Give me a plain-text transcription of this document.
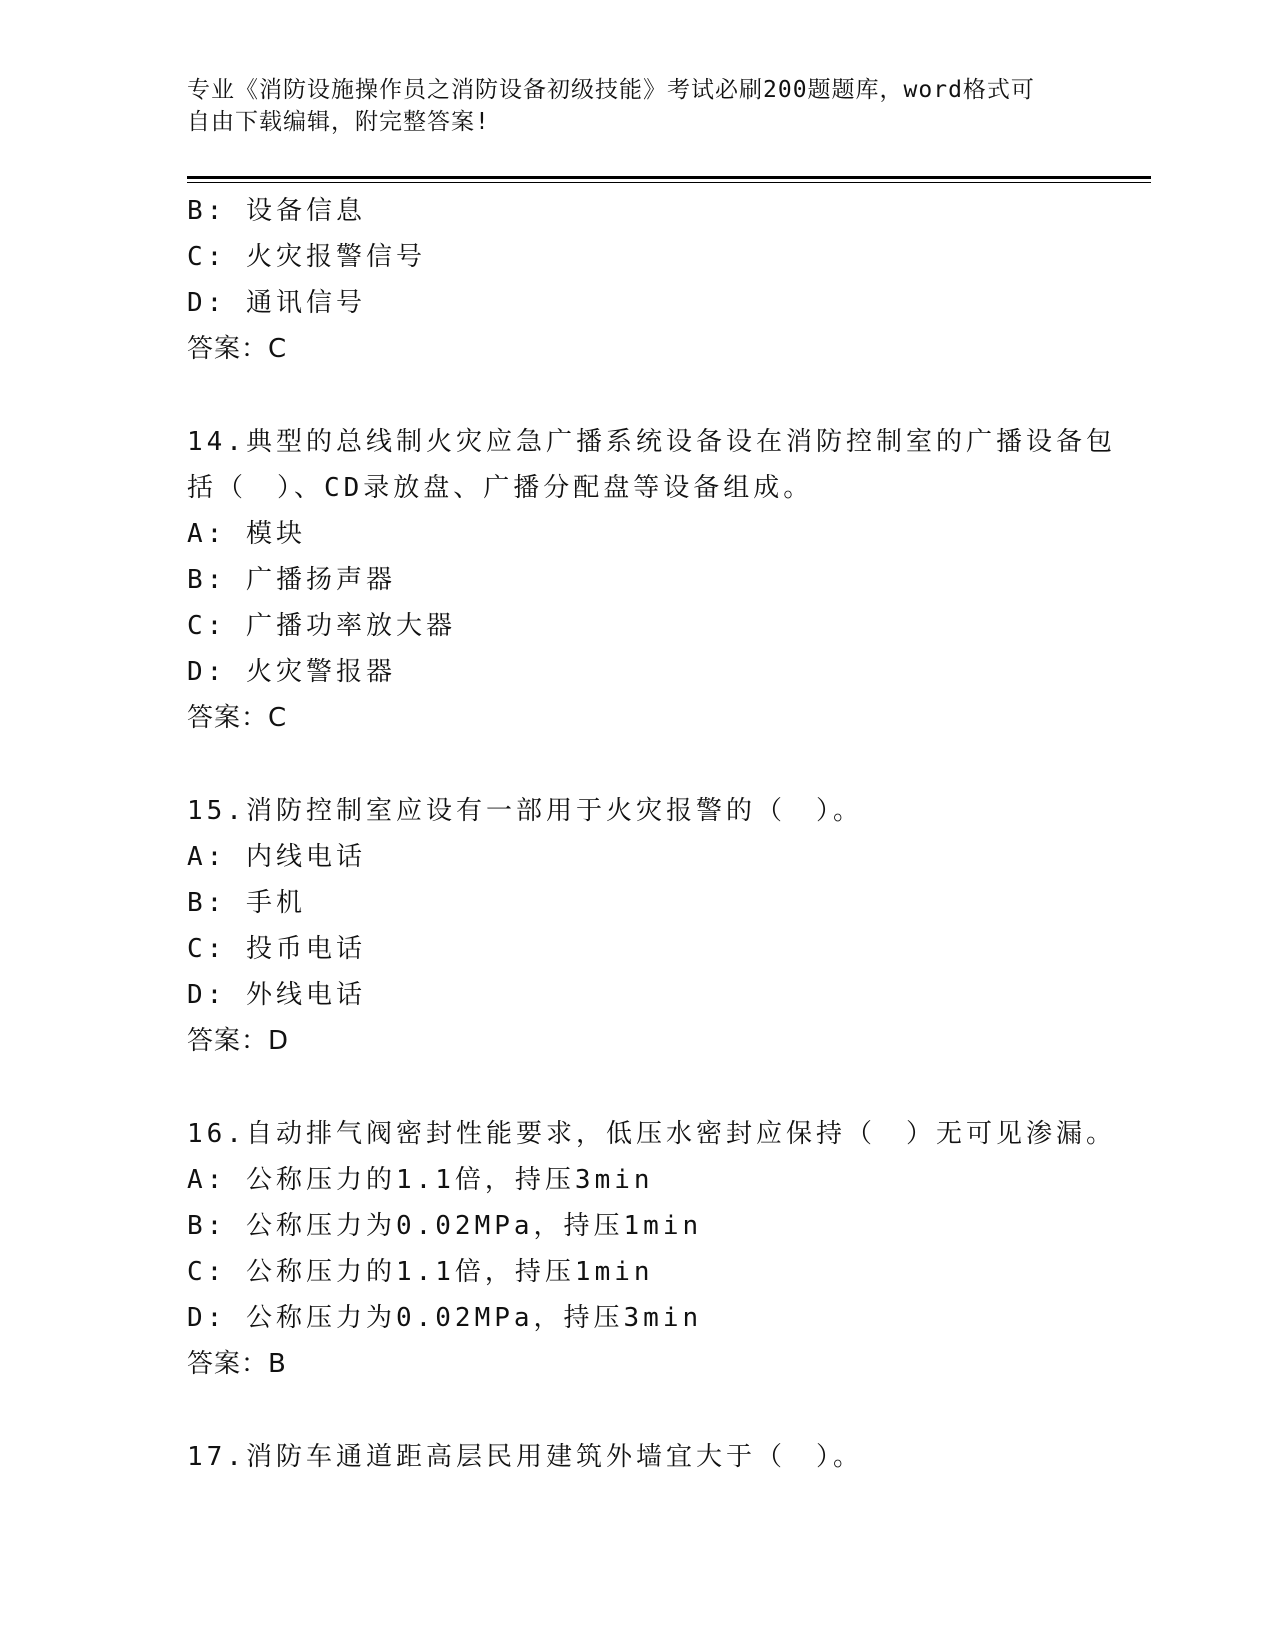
专业《消防设施操作员之消防设备初级技能》考试必刷200题题库，word格式可
自由下载编辑，附完整答案!
B: 设备信息
C: 火灾报警信号
D: 通讯信号
答案：C
14.典型的总线制火灾应急广播系统设备设在消防控制室的广播设备包
括（　）、CD录放盘、广播分配盘等设备组成。
A: 模块
B: 广播扬声器
C: 广播功率放大器
D: 火灾警报器
答案：C
15.消防控制室应设有一部用于火灾报警的（　）。
A: 内线电话
B: 手机
C: 投币电话
D: 外线电话
答案：D
16.自动排气阀密封性能要求，低压水密封应保持（　）无可见渗漏。
A: 公称压力的1.1倍，持压3min
B: 公称压力为0.02MPa，持压1min
C: 公称压力的1.1倍，持压1min
D: 公称压力为0.02MPa，持压3min
答案：B
17.消防车通道距高层民用建筑外墙宜大于（　）。
